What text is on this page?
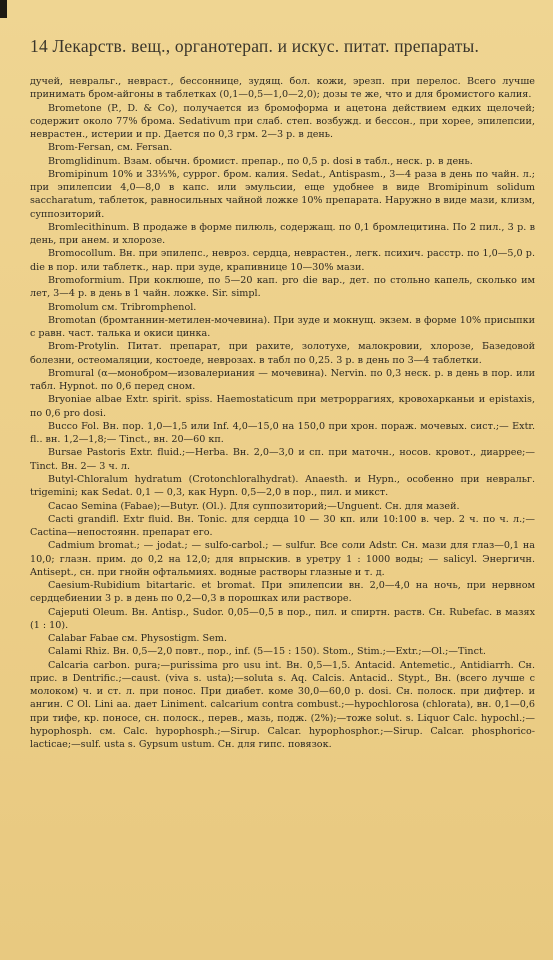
14 Лекарств. вещ., органотерап. и искус. питат. препараты.

дучей, невральг., невраст., бессоннице, зудящ. бол. кожи, эрезп. при перелос. Всего лучше принимать бром-айгоны в таблетках (0,1—0,5—1,0—2,0); дозы те же, что и для бромистого калия.

Brometone (P., D. & Co), получается из бромоформа и ацетона действием едких щелочей; содержит около 77% брома. Sedativum при слаб. степ. возбужд. и бессон., при хорее, эпилепсии, неврастен., истерии и пр. Дается по 0,3 грм. 2—3 р. в день.

Brom-Fersan, см. Fersan.

Bromglidinum. Взам. обычн. бромист. препар., по 0,5 р. dosi в табл., неск. р. в день.

Bromipinum 10% и 33⅓%, суррог. бром. калия. Sedat., Antispasm., 3—4 раза в день по чайн. л.; при эпилепсии 4,0—8,0 в капс. или эмульсии, еще удобнее в виде Bromipinum solidum saccharatum, таблеток, равносильных чайной ложке 10% препарата. Наружно в виде мази, клизм, суппозиторий.

Bromlecithinum. В продаже в форме пилюль, содержащ. по 0,1 бромлецитина. По 2 пил., 3 р. в день, при анем. и хлорозе.

Bromocollum. Вн. при эпилепс., невроз. сердца, неврастен., легк. психич. расстр. по 1,0—5,0 р. die в пор. или таблетк., нар. при зуде, крапивнице 10—30% мази.

Bromoformium. При коклюше, по 5—20 кап. pro die вар., дет. по стольно капель, сколько им лет, 3—4 р. в день в 1 чайн. ложке. Sir. simpl.

Bromolum см. Tribromphenol.

Bromotan (бромтаннин-метилен-мочевина). При зуде и мокнущ. экзем. в форме 10% присыпки с равн. част. талька и окиси цинка.

Brom-Protylin. Питат. препарат, при рахите, золотухе, малокровии, хлорозе, Базедовой болезни, остеомаляции, костоеде, неврозах. в табл по 0,25. 3 р. в день по 3—4 таблетки.

Bromural (α—монобром—изовалериания — мочевина). Nervin. по 0,3 неск. р. в день в пор. или табл. Hypnot. по 0,6 перед сном.

Bryoniae albae Extr. spirit. spiss. Haemostaticum при метроррагиях, кровохарканьи и epistaxis, по 0,6 pro dosi.

Bucco Fol. Вн. пор. 1,0—1,5 или Inf. 4,0—15,0 на 150,0 при хрон. пораж. мочевых. сист.;— Extr. fl.. вн. 1,2—1,8;— Tinct., вн. 20—60 кп.

Bursae Pastoris Extr. fluid.;—Herba. Вн. 2,0—3,0 и сп. при маточн., носов. кровот., диаррее;—Tinct. Вн. 2— 3 ч. л.

Butyl-Chloralum hydratum (Crotonchloralhydrat). Anaesth. и Hypn., особенно при невральг. trigemini; как Sedat. 0,1 — 0,3, как Hypn. 0,5—2,0 в пор., пил. и микст.

Cacao Semina (Fabae);—Butyr. (Ol.). Для суппозиторий;—Unguent. Сн. для мазей.

Cacti grandifl. Extr fluid. Вн. Tonic. для сердца 10 — 30 кп. или 10:100 в. чер. 2 ч. по ч. л.;—Cactina—непостоянн. препарат его.

Cadmium bromat.; — jodat.; — sulfo-carbol.; — sulfur. Все соли Adstr. Сн. мази для глаз—0,1 на 10,0; глазн. прим. до 0,2 на 12,0; для впрыскив. в уретру 1 : 1000 воды; — salicyl. Энергичн. Antisept., сн. при гнойн офтальмиях. водные растворы глазные и т. д.

Caesium-Rubidium bitartaric. et bromat. При эпилепсии вн. 2,0—4,0 на ночь, при нервном сердцебиении 3 р. в день по 0,2—0,3 в порошках или растворе.

Cajeputi Oleum. Вн. Antisp., Sudor. 0,05—0,5 в пор., пил. и спиртн. раств. Сн. Rubefac. в мазях (1 : 10).

Calabar Fabae см. Physostigm. Sem.

Calami Rhiz. Вн. 0,5—2,0 повт., пор., inf. (5—15 : 150). Stom., Stim.;—Extr.;—Ol.;—Tinct.

Calcaria carbon. pura;—purissima pro usu int. Вн. 0,5—1,5. Antacid. Antemetic., Antidiarrh. Сн. прис. в Dentrific.;—caust. (viva s. usta);—soluta s. Aq. Calcis. Antacid.. Stypt., Вн. (всего лучше с молоком) ч. и ст. л. при понос. При диабет. коме 30,0—60,0 р. dosi. Сн. полоск. при дифтер. и ангин. С Ol. Lini aa. дает Liniment. calcarium contra combust.;—hypochlorosa (chlorata), вн. 0,1—0,6 при тифе, кр. поносе, сн. полоск., перев., мазь, подж. (2%);—тоже solut. s. Liquor Calc. hypochl.;—hypophosph. см. Calc. hypophosph.;—Sirup. Calcar. hypophosphor.;—Sirup. Calcar. phosphorico-lacticae;—sulf. usta s. Gypsum ustum. Сн. для гипс. повязок.
